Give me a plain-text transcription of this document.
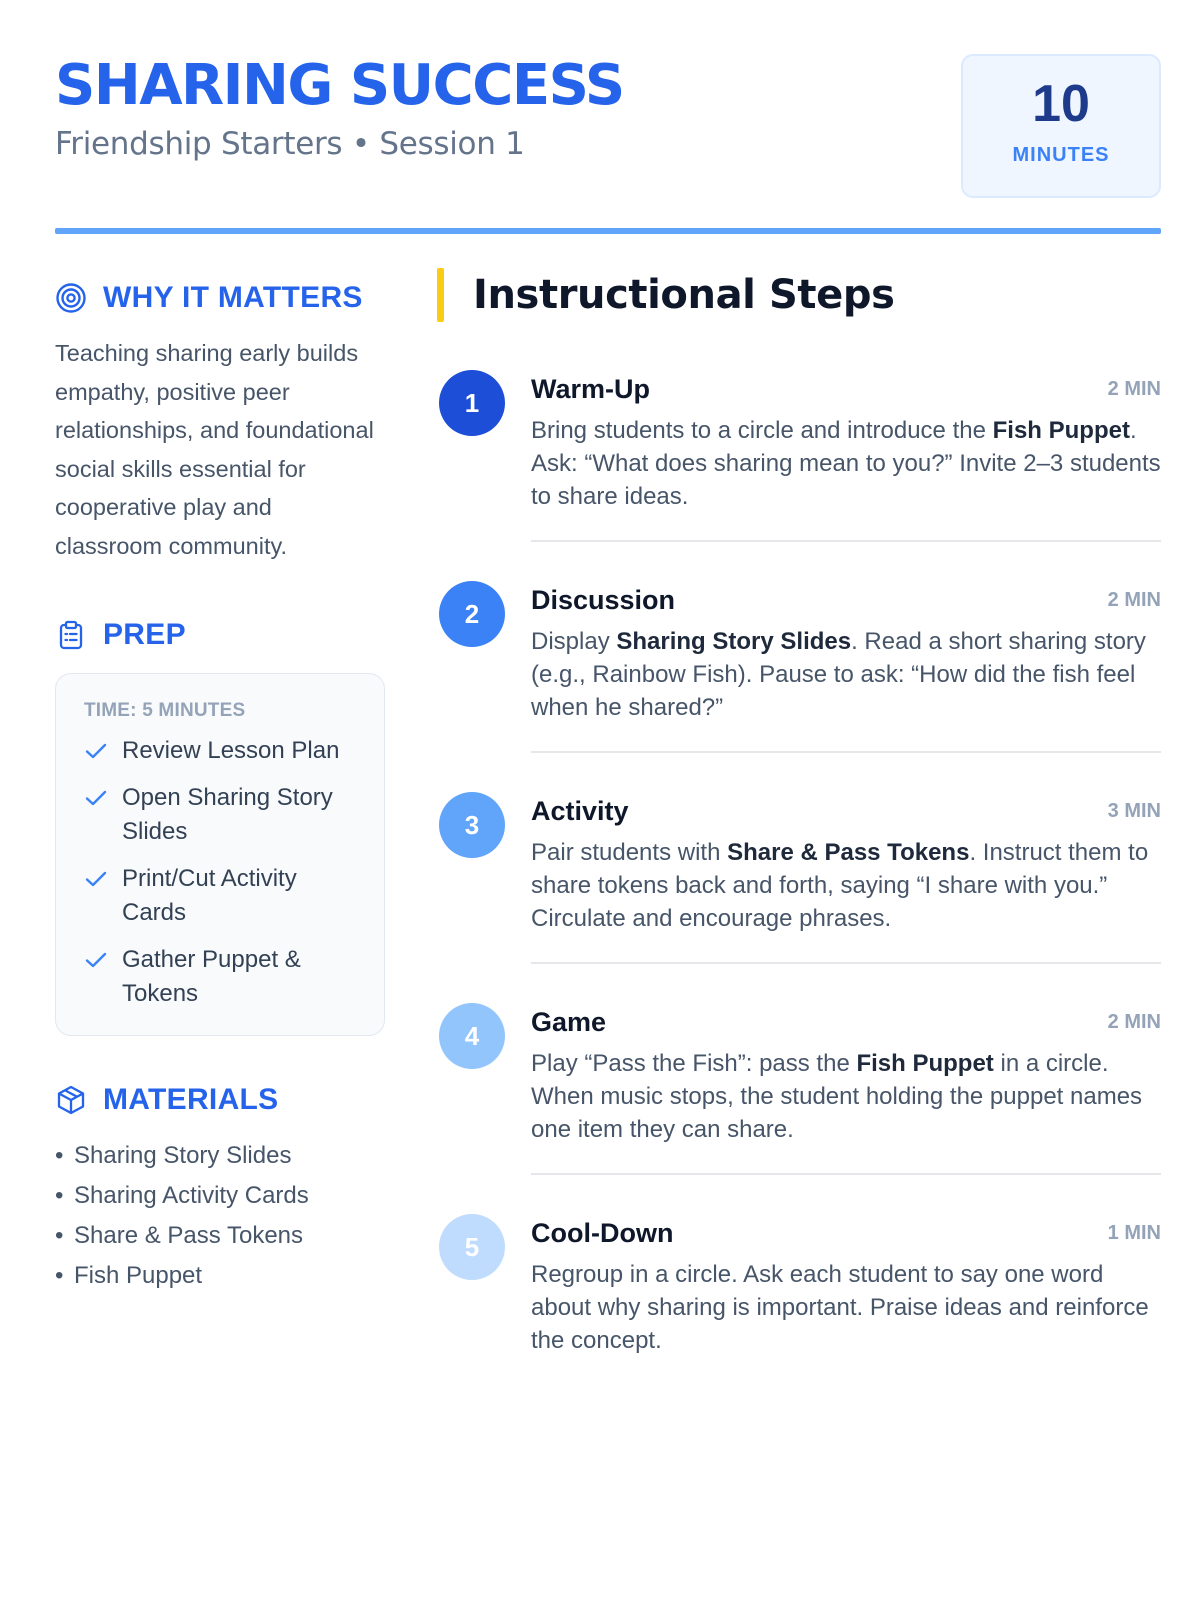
SHARING SUCCESS
Friendship Starters • Session 1
10
MINUTES
WHY IT MATTERS
Teaching sharing early builds empathy, positive peer relationships, and foundational social skills essential for cooperative play and classroom community.
PREP
TIME: 5 MINUTES
Review Lesson Plan
Open Sharing Story Slides
Print/Cut Activity Cards
Gather Puppet & Tokens
MATERIALS
• Sharing Story Slides
• Sharing Activity Cards
• Share & Pass Tokens
• Fish Puppet
Instructional Steps
1	Warm-Up	2 MIN
Bring students to a circle and introduce the Fish Puppet. Ask: “What does sharing mean to you?” Invite 2–3 students to share ideas.
2	Discussion	2 MIN
Display Sharing Story Slides. Read a short sharing story (e.g., Rainbow Fish). Pause to ask: “How did the fish feel when he shared?”
3	Activity	3 MIN
Pair students with Share & Pass Tokens. Instruct them to share tokens back and forth, saying “I share with you.” Circulate and encourage phrases.
4	Game	2 MIN
Play “Pass the Fish”: pass the Fish Puppet in a circle. When music stops, the student holding the puppet names one item they can share.
5	Cool-Down	1 MIN
Regroup in a circle. Ask each student to say one word about why sharing is important. Praise ideas and reinforce the concept.
